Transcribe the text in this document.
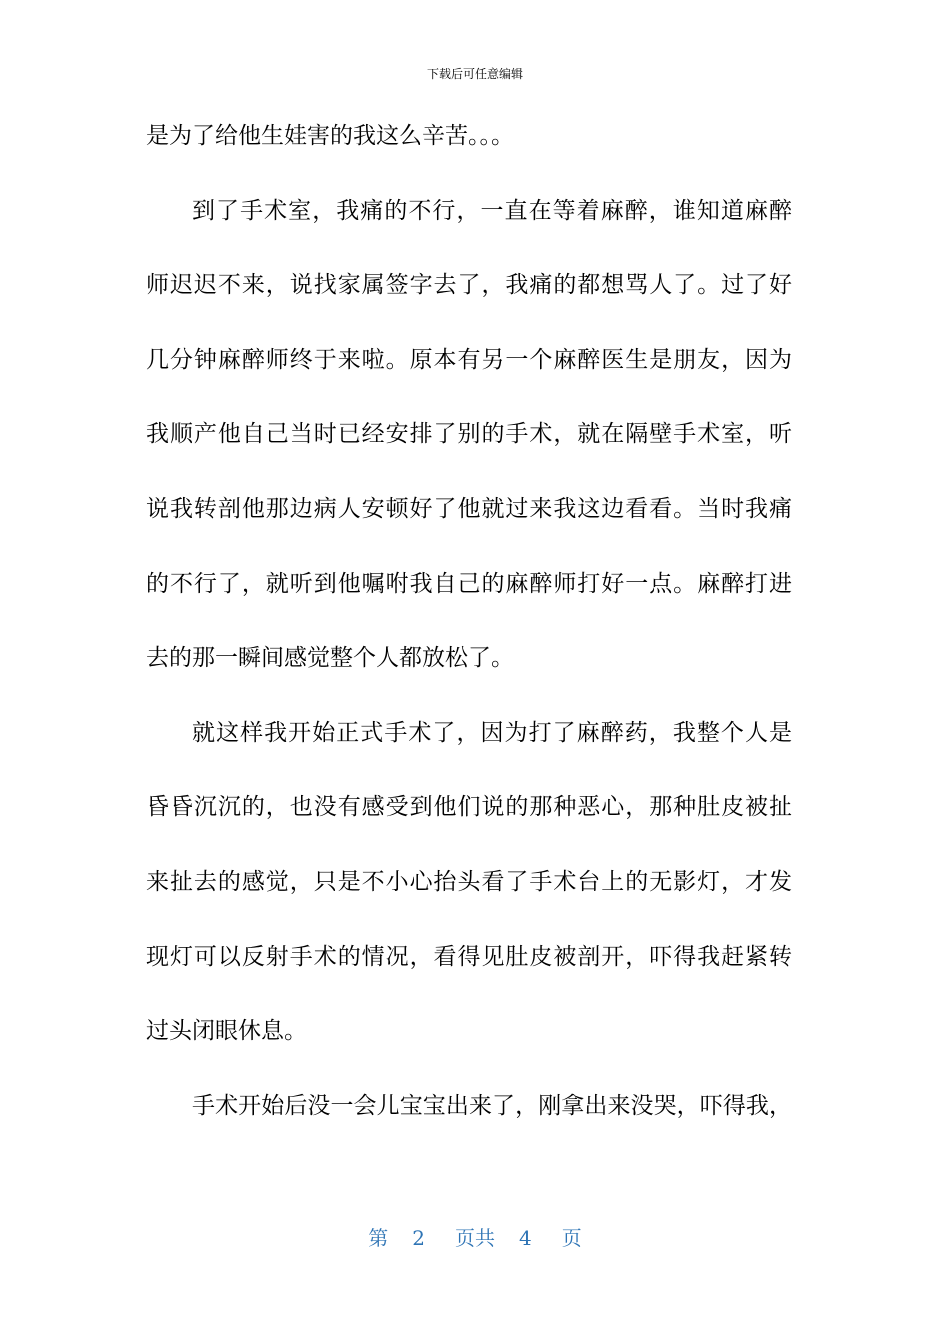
下载后可任意编辑
是为了给他生娃害的我这么辛苦。。。
到了手术室，我痛的不行，一直在等着麻醉，谁知道麻醉
师迟迟不来，说找家属签字去了，我痛的都想骂人了。过了好
几分钟麻醉师终于来啦。原本有另一个麻醉医生是朋友，因为
我顺产他自己当时已经安排了别的手术，就在隔壁手术室，听
说我转剖他那边病人安顿好了他就过来我这边看看。当时我痛
的不行了，就听到他嘱咐我自己的麻醉师打好一点。麻醉打进
去的那一瞬间感觉整个人都放松了。
就这样我开始正式手术了，因为打了麻醉药，我整个人是
昏昏沉沉的，也没有感受到他们说的那种恶心，那种肚皮被扯
来扯去的感觉，只是不小心抬头看了手术台上的无影灯，才发
现灯可以反射手术的情况，看得见肚皮被剖开，吓得我赶紧转
过头闭眼休息。
手术开始后没一会儿宝宝出来了，刚拿出来没哭，吓得我，
第 2 页共 4 页
